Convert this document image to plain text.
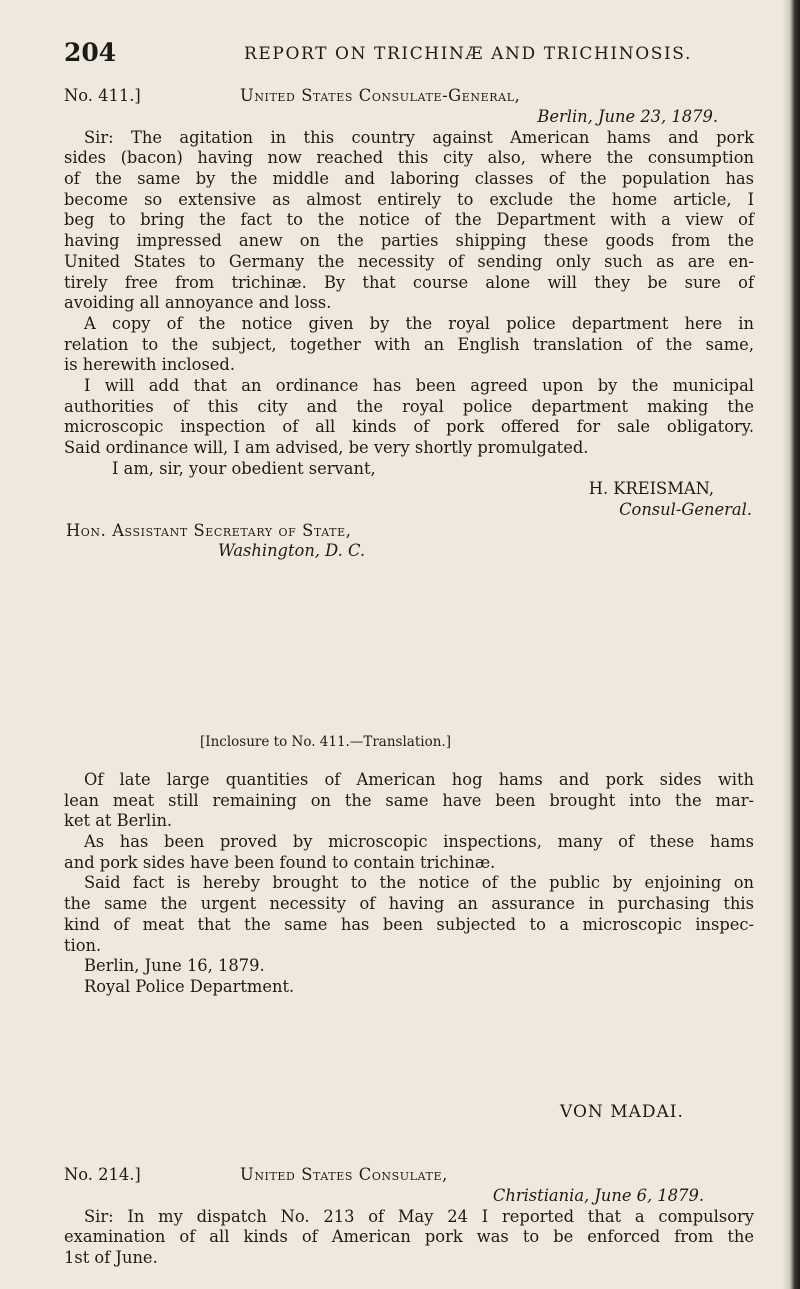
204	REPORT ON TRICHINÆ AND TRICHINOSIS.
No. 411.]	United States Consulate-General,
Berlin, June 23, 1879.
Sir: The agitation in this country against American hams and pork
sides (bacon) having now reached this city also, where the consumption
of the same by the middle and laboring classes of the population has
become so extensive as almost entirely to exclude the home article, I
beg to bring the fact to the notice of the Department with a view of
having impressed anew on the parties shipping these goods from the
United States to Germany the necessity of sending only such as are en-
tirely free from trichinæ. By that course alone will they be sure of
avoiding all annoyance and loss.
A copy of the notice given by the royal police department here in
relation to the subject, together with an English translation of the same,
is herewith inclosed.
I will add that an ordinance has been agreed upon by the municipal
authorities of this city and the royal police department making the
microscopic inspection of all kinds of pork offered for sale obligatory.
Said ordinance will, I am advised, be very shortly promulgated.
I am, sir, your obedient servant,
H. KREISMAN,
Consul-General.
Hon. Assistant Secretary of State,
Washington, D. C.
[Inclosure to No. 411.—Translation.]
Of late large quantities of American hog hams and pork sides with
lean meat still remaining on the same have been brought into the mar-
ket at Berlin.
As has been proved by microscopic inspections, many of these hams
and pork sides have been found to contain trichinæ.
Said fact is hereby brought to the notice of the public by enjoining on
the same the urgent necessity of having an assurance in purchasing this
kind of meat that the same has been subjected to a microscopic inspec-
tion.
Berlin, June 16, 1879.
Royal Police Department.
VON MADAI.
No. 214.]	United States Consulate,
Christiania, June 6, 1879.
Sir: In my dispatch No. 213 of May 24 I reported that a compulsory
examination of all kinds of American pork was to be enforced from the
1st of June.
